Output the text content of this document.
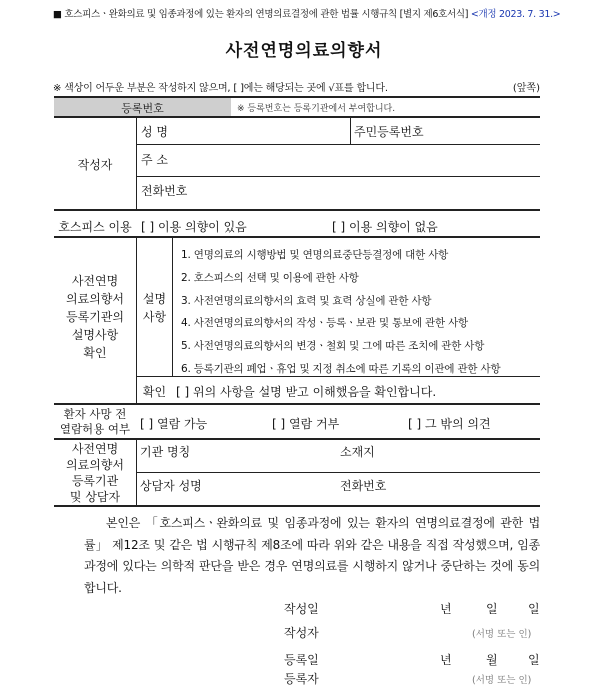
■ 호스피스ㆍ완화의료 및 임종과정에 있는 환자의 연명의료결정에 관한 법률 시행규칙 [별지 제6호서식] <개정 2023. 7. 31.>
사전연명의료의향서
※ 색상이 어두운 부분은 작성하지 않으며, [ ]에는 해당되는 곳에 √표를 합니다.	(앞쪽)
등록번호	※ 등록번호는 등록기관에서 부여합니다.
작성자
성 명	주민등록번호
주 소
전화번호
호스피스 이용 [ ] 이용 의향이 있음	[ ] 이용 의향이 없음
사전연명
의료의향서
등록기관의
설명사항
확인
설명
사항
1. 연명의료의 시행방법 및 연명의료중단등결정에 대한 사항
2. 호스피스의 선택 및 이용에 관한 사항
3. 사전연명의료의향서의 효력 및 효력 상실에 관한 사항
4. 사전연명의료의향서의 작성ㆍ등록ㆍ보관 및 통보에 관한 사항
5. 사전연명의료의향서의 변경ㆍ철회 및 그에 따른 조치에 관한 사항
6. 등록기관의 폐업ㆍ휴업 및 지정 취소에 따른 기록의 이관에 관한 사항
확인 [ ] 위의 사항을 설명 받고 이해했음을 확인합니다.
환자 사망 전
열람허용 여부 [ ] 열람 가능	[ ] 열람 거부	[ ] 그 밖의 의견
사전연명
의료의향서
등록기관
및 상담자
기관 명칭	소재지
상담자 성명	전화번호
본인은 「호스피스ㆍ완화의료 및 임종과정에 있는 환자의 연명의료결정에 관한 법률」 제12조 및 같은 법 시행규칙 제8조에 따라 위와 같은 내용을 직접 작성했으며, 임종과정에 있다는 의학적 판단을 받은 경우 연명의료를 시행하지 않거나 중단하는 것에 동의합니다.
작성일	년	일	일
작성자	(서명 또는 인)
등록일	년	월	일
등록자	(서명 또는 인)
